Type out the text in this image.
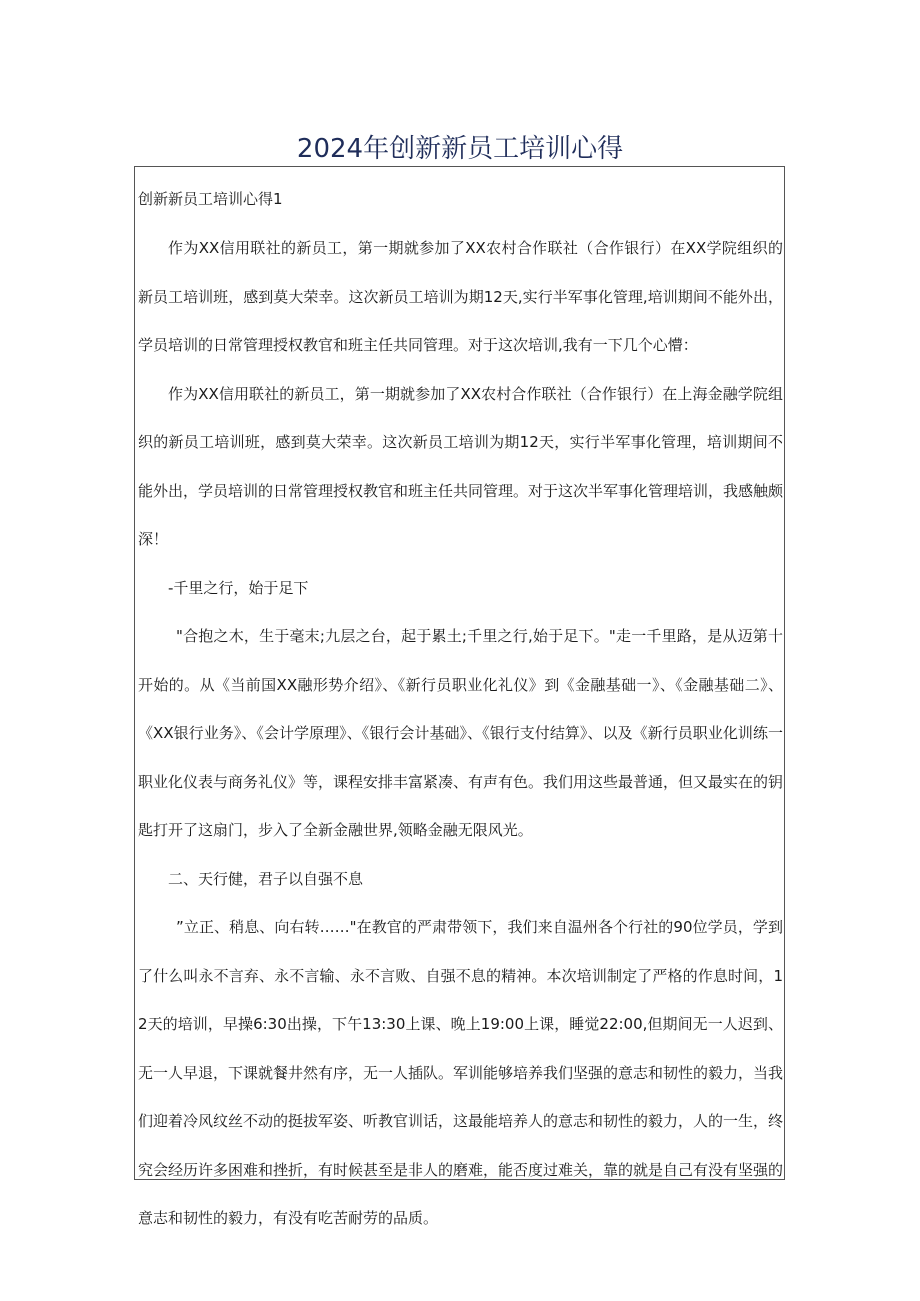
2024年创新新员工培训心得

创新新员工培训心得1

作为XX信用联社的新员工，第一期就参加了XX农村合作联社（合作银行）在XX学院组织的新员工培训班，感到莫大荣幸。这次新员工培训为期12天,实行半军事化管理,培训期间不能外出，学员培训的日常管理授权教官和班主任共同管理。对于这次培训,我有一下几个心懵：

作为XX信用联社的新员工，第一期就参加了XX农村合作联社（合作银行）在上海金融学院组织的新员工培训班，感到莫大荣幸。这次新员工培训为期12天，实行半军事化管理，培训期间不能外出，学员培训的日常管理授权教官和班主任共同管理。对于这次半军事化管理培训，我感触颇深！

-千里之行，始于足下

"合抱之木，生于毫末;九层之台，起于累土;千里之行,始于足下。"走一千里路，是从迈第十开始的。从《当前国XX融形势介绍》、《新行员职业化礼仪》到《金融基础一》、《金融基础二》、《XX银行业务》、《会计学原理》、《银行会计基础》、《银行支付结算》、以及《新行员职业化训练一职业化仪表与商务礼仪》等，课程安排丰富紧凑、有声有色。我们用这些最普通，但又最实在的钥匙打开了这扇门，步入了全新金融世界,领略金融无限风光。

二、天行健，君子以自强不息

”立正、稍息、向右转……"在教官的严肃带领下，我们来自温州各个行社的90位学员，学到了什么叫永不言弃、永不言输、永不言败、自强不息的精神。本次培训制定了严格的作息时间，12天的培训，早操6:30出操，下午13:30上课、晚上19:00上课，睡觉22:00,但期间无一人迟到、无一人早退，下课就餐井然有序，无一人插队。军训能够培养我们坚强的意志和韧性的毅力，当我们迎着冷风纹丝不动的挺拔军姿、听教官训话，这最能培养人的意志和韧性的毅力，人的一生，终究会经历许多困难和挫折，有时候甚至是非人的磨难，能否度过难关，靠的就是自己有没有坚强的意志和韧性的毅力，有没有吃苦耐劳的品质。
